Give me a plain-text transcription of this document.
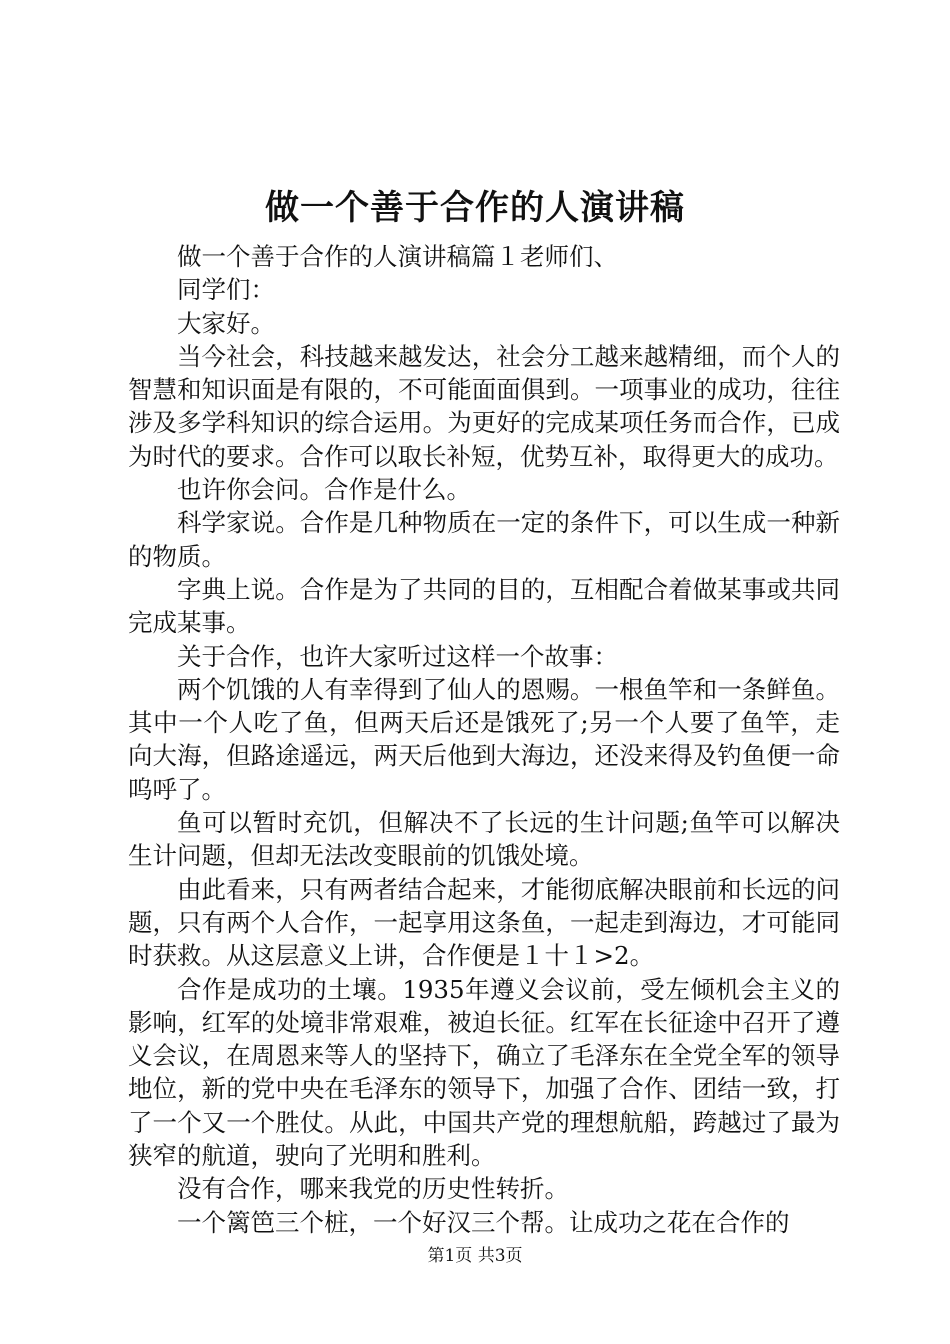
做一个善于合作的人演讲稿

做一个善于合作的人演讲稿篇１老师们、

同学们：

大家好。

当今社会，科技越来越发达，社会分工越来越精细，而个人的智慧和知识面是有限的，不可能面面俱到。一项事业的成功，往往涉及多学科知识的综合运用。为更好的完成某项任务而合作，已成为时代的要求。合作可以取长补短，优势互补，取得更大的成功。

也许你会问。合作是什么。

科学家说。合作是几种物质在一定的条件下，可以生成一种新的物质。

字典上说。合作是为了共同的目的，互相配合着做某事或共同完成某事。

关于合作，也许大家听过这样一个故事：

两个饥饿的人有幸得到了仙人的恩赐。一根鱼竿和一条鲜鱼。其中一个人吃了鱼，但两天后还是饿死了;另一个人要了鱼竿，走向大海，但路途遥远，两天后他到大海边，还没来得及钓鱼便一命呜呼了。

鱼可以暂时充饥，但解决不了长远的生计问题;鱼竿可以解决生计问题，但却无法改变眼前的饥饿处境。

由此看来，只有两者结合起来，才能彻底解决眼前和长远的问题，只有两个人合作，一起享用这条鱼，一起走到海边，才可能同时获救。从这层意义上讲，合作便是１十１>2。

合作是成功的土壤。1935年遵义会议前，受左倾机会主义的影响，红军的处境非常艰难，被迫长征。红军在长征途中召开了遵义会议，在周恩来等人的坚持下，确立了毛泽东在全党全军的领导地位，新的党中央在毛泽东的领导下，加强了合作、团结一致，打了一个又一个胜仗。从此，中国共产党的理想航船，跨越过了最为狭窄的航道，驶向了光明和胜利。

没有合作，哪来我党的历史性转折。

一个篱笆三个桩，一个好汉三个帮。让成功之花在合作的

第1页 共3页
